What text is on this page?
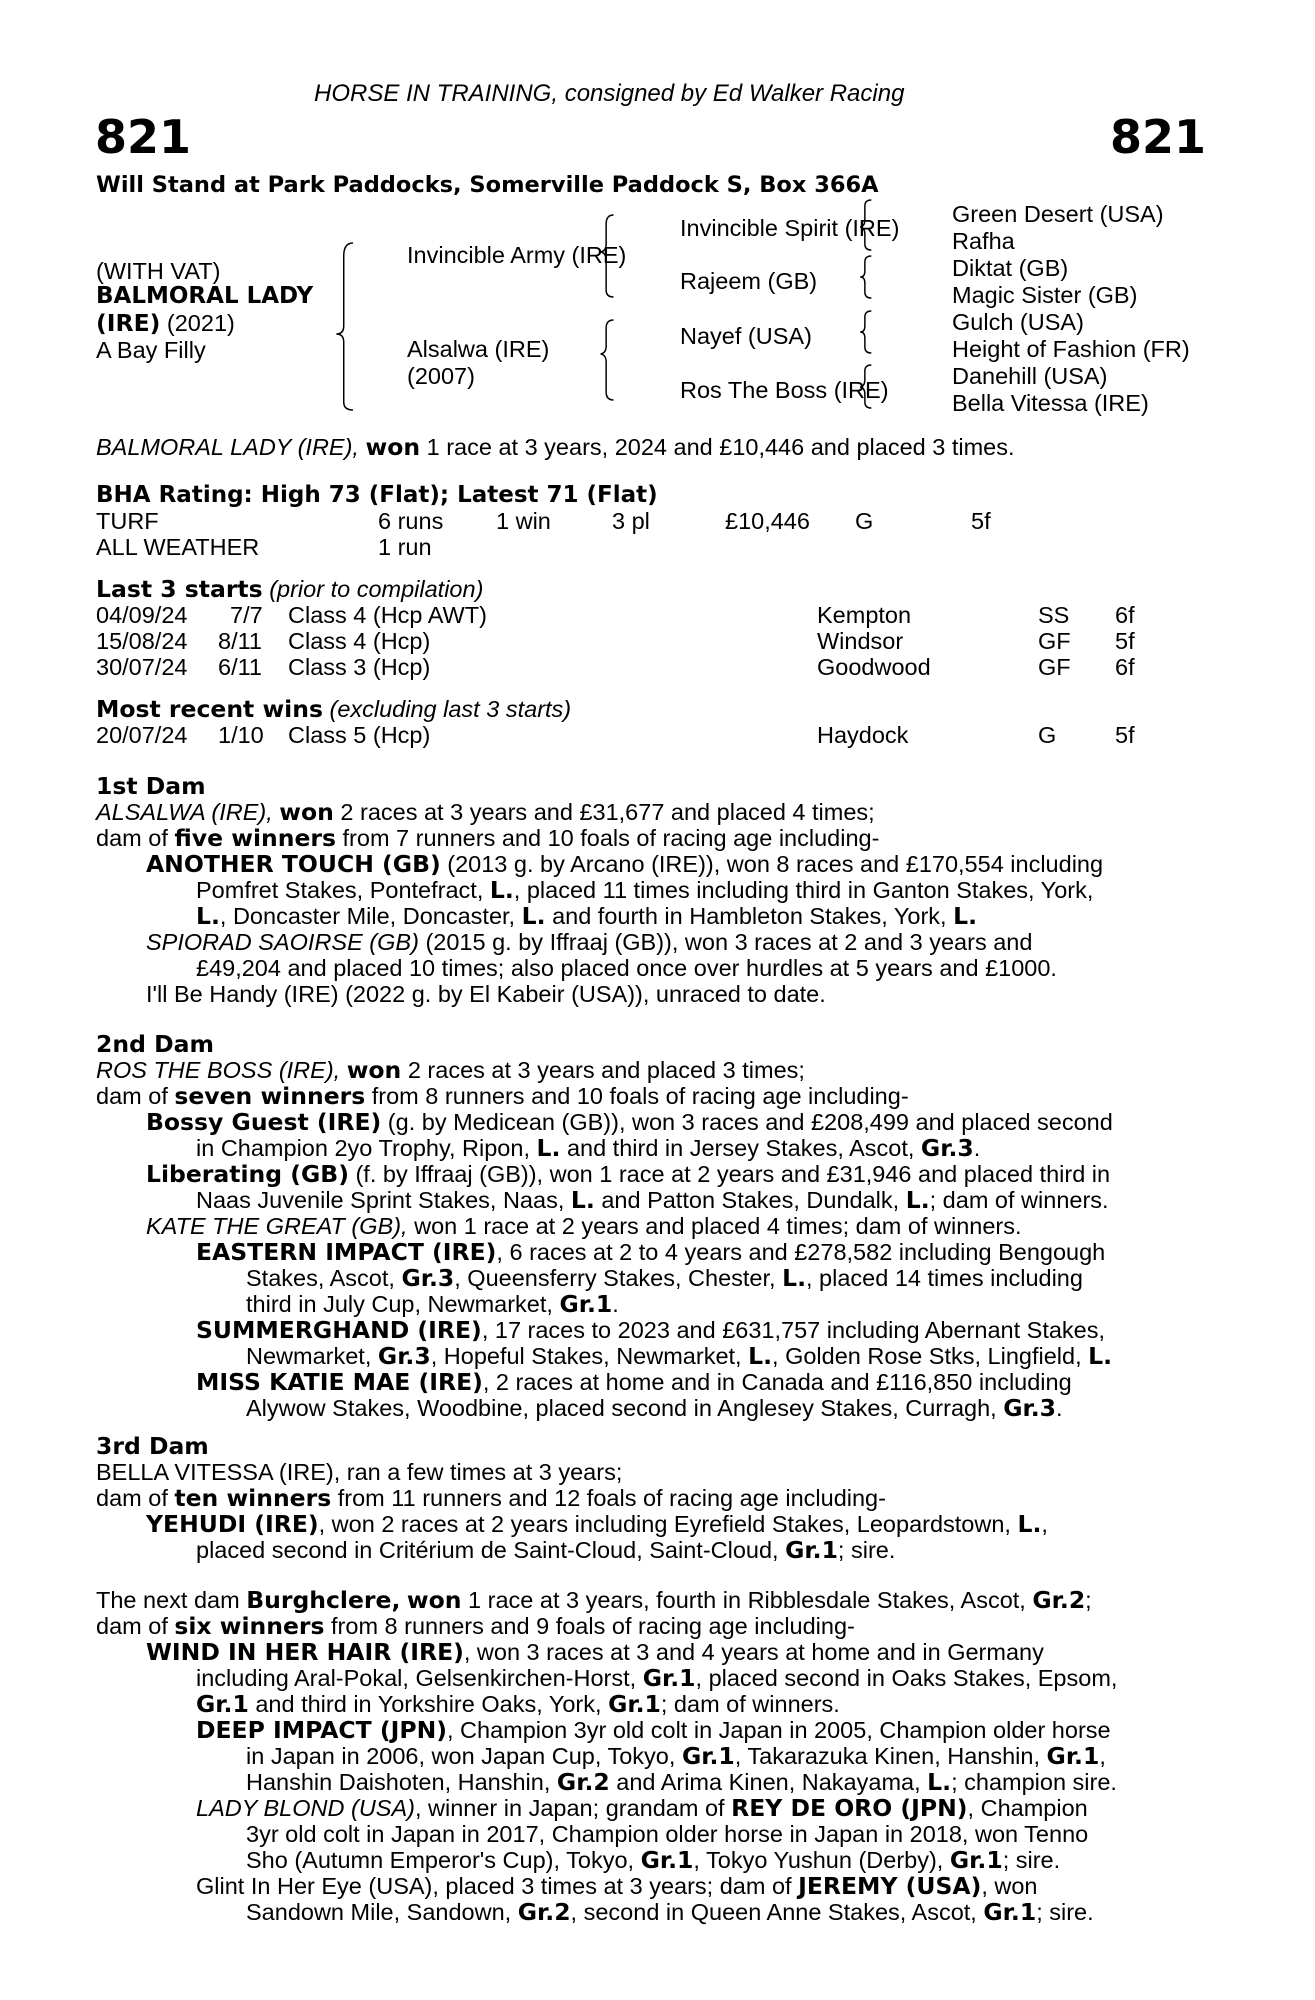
HORSE IN TRAINING, consigned by Ed Walker Racing
821	821
Will Stand at Park Paddocks, Somerville Paddock S, Box 366A
(WITH VAT)
BALMORAL LADY
(IRE) (2021)
A Bay Filly
Invincible Army (IRE)
Alsalwa (IRE)
(2007)
Invincible Spirit (IRE)
Rajeem (GB)
Nayef (USA)
Ros The Boss (IRE)
Green Desert (USA)
Rafha
Diktat (GB)
Magic Sister (GB)
Gulch (USA)
Height of Fashion (FR)
Danehill (USA)
Bella Vitessa (IRE)
BALMORAL LADY (IRE), won 1 race at 3 years, 2024 and £10,446 and placed 3 times.
BHA Rating: High 73 (Flat); Latest 71 (Flat)
TURF	6 runs 1 win	3 pl	£10,446 G	5f
ALL WEATHER	1 run
Last 3 starts (prior to compilation)
04/09/24 7/7 Class 4 (Hcp AWT)	Kempton	SS 6f
15/08/24 8/11 Class 4 (Hcp)	Windsor	GF 5f
30/07/24 6/11 Class 3 (Hcp)	Goodwood	GF 6f
Most recent wins (excluding last 3 starts)
20/07/24 1/10 Class 5 (Hcp)	Haydock	G 5f
1st Dam
ALSALWA (IRE), won 2 races at 3 years and £31,677 and placed 4 times;
dam of five winners from 7 runners and 10 foals of racing age including-
ANOTHER TOUCH (GB) (2013 g. by Arcano (IRE)), won 8 races and £170,554 including
Pomfret Stakes, Pontefract, L., placed 11 times including third in Ganton Stakes, York,
L., Doncaster Mile, Doncaster, L. and fourth in Hambleton Stakes, York, L.
SPIORAD SAOIRSE (GB) (2015 g. by Iffraaj (GB)), won 3 races at 2 and 3 years and
£49,204 and placed 10 times; also placed once over hurdles at 5 years and £1000.
I'll Be Handy (IRE) (2022 g. by El Kabeir (USA)), unraced to date.
2nd Dam
ROS THE BOSS (IRE), won 2 races at 3 years and placed 3 times;
dam of seven winners from 8 runners and 10 foals of racing age including-
Bossy Guest (IRE) (g. by Medicean (GB)), won 3 races and £208,499 and placed second
in Champion 2yo Trophy, Ripon, L. and third in Jersey Stakes, Ascot, Gr.3.
Liberating (GB) (f. by Iffraaj (GB)), won 1 race at 2 years and £31,946 and placed third in
Naas Juvenile Sprint Stakes, Naas, L. and Patton Stakes, Dundalk, L.; dam of winners.
KATE THE GREAT (GB), won 1 race at 2 years and placed 4 times; dam of winners.
EASTERN IMPACT (IRE), 6 races at 2 to 4 years and £278,582 including Bengough
Stakes, Ascot, Gr.3, Queensferry Stakes, Chester, L., placed 14 times including
third in July Cup, Newmarket, Gr.1.
SUMMERGHAND (IRE), 17 races to 2023 and £631,757 including Abernant Stakes,
Newmarket, Gr.3, Hopeful Stakes, Newmarket, L., Golden Rose Stks, Lingfield, L.
MISS KATIE MAE (IRE), 2 races at home and in Canada and £116,850 including
Alywow Stakes, Woodbine, placed second in Anglesey Stakes, Curragh, Gr.3.
3rd Dam
BELLA VITESSA (IRE), ran a few times at 3 years;
dam of ten winners from 11 runners and 12 foals of racing age including-
YEHUDI (IRE), won 2 races at 2 years including Eyrefield Stakes, Leopardstown, L.,
placed second in Critérium de Saint-Cloud, Saint-Cloud, Gr.1; sire.
The next dam Burghclere, won 1 race at 3 years, fourth in Ribblesdale Stakes, Ascot, Gr.2;
dam of six winners from 8 runners and 9 foals of racing age including-
WIND IN HER HAIR (IRE), won 3 races at 3 and 4 years at home and in Germany
including Aral-Pokal, Gelsenkirchen-Horst, Gr.1, placed second in Oaks Stakes, Epsom,
Gr.1 and third in Yorkshire Oaks, York, Gr.1; dam of winners.
DEEP IMPACT (JPN), Champion 3yr old colt in Japan in 2005, Champion older horse
in Japan in 2006, won Japan Cup, Tokyo, Gr.1, Takarazuka Kinen, Hanshin, Gr.1,
Hanshin Daishoten, Hanshin, Gr.2 and Arima Kinen, Nakayama, L.; champion sire.
LADY BLOND (USA), winner in Japan; grandam of REY DE ORO (JPN), Champion
3yr old colt in Japan in 2017, Champion older horse in Japan in 2018, won Tenno
Sho (Autumn Emperor's Cup), Tokyo, Gr.1, Tokyo Yushun (Derby), Gr.1; sire.
Glint In Her Eye (USA), placed 3 times at 3 years; dam of JEREMY (USA), won
Sandown Mile, Sandown, Gr.2, second in Queen Anne Stakes, Ascot, Gr.1; sire.
